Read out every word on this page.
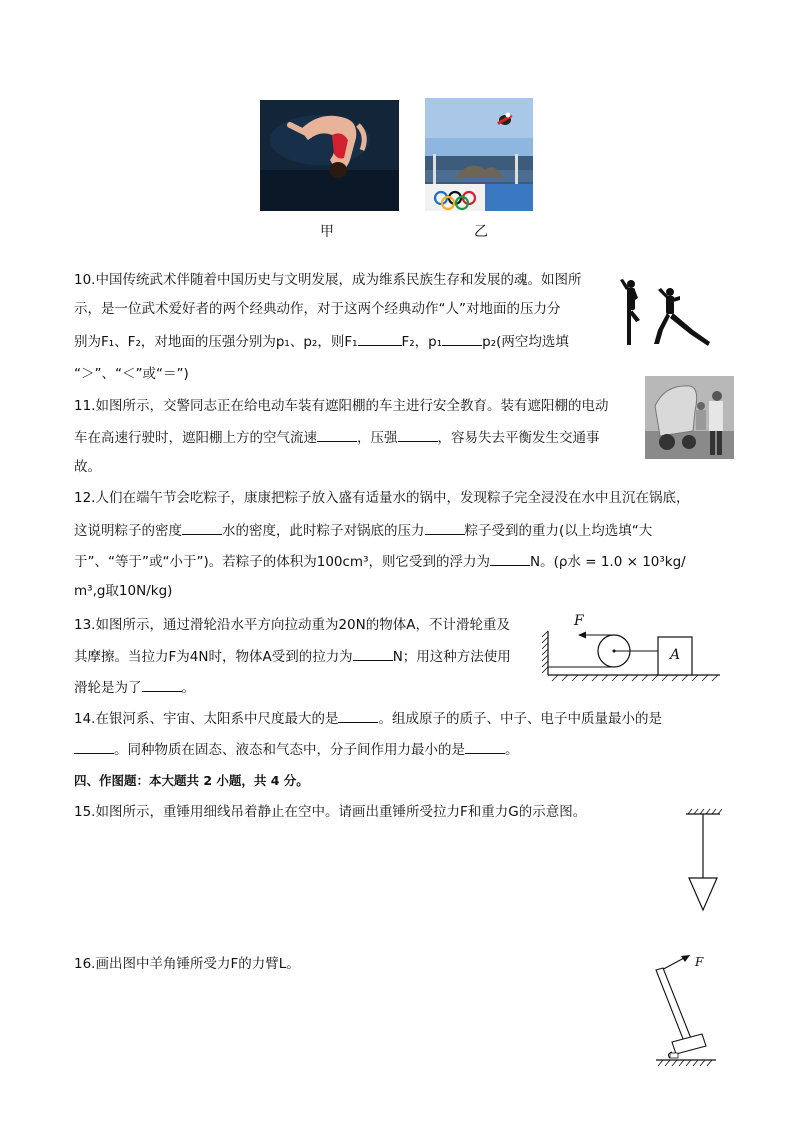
甲	乙
10.中国传统武术伴随着中国历史与文明发展，成为维系民族生存和发展的魂。如图所
示，是一位武术爱好者的两个经典动作，对于这两个经典动作“人”对地面的压力分
别为F₁、F₂，对地面的压强分别为p₁、p₂，则F₁	F₂，p₁	p₂(两空均选填
“＞”、“＜”或“＝”)
11.如图所示，交警同志正在给电动车装有遮阳棚的车主进行安全教育。装有遮阳棚的电动
车在高速行驶时，遮阳棚上方的空气流速	，压强	，容易失去平衡发生交通事
故。
12.人们在端午节会吃粽子，康康把粽子放入盛有适量水的锅中，发现粽子完全浸没在水中且沉在锅底，
这说明粽子的密度	水的密度，此时粽子对锅底的压力	粽子受到的重力(以上均选填“大
于”、“等于”或“小于”)。若粽子的体积为100cm³，则它受到的浮力为	N。(ρ水 = 1.0 × 10³kg/
m³,g取10N/kg)
13.如图所示，通过滑轮沿水平方向拉动重为20N的物体A，不计滑轮重及
其摩擦。当拉力F为4N时，物体A受到的拉力为	N；用这种方法使用
滑轮是为了	。
F
A
14.在银河系、宇宙、太阳系中尺度最大的是	。组成原子的质子、中子、电子中质量最小的是
。同种物质在固态、液态和气态中，分子间作用力最小的是	。
四、作图题：本大题共 2 小题，共 4 分。
15.如图所示，重锤用细线吊着静止在空中。请画出重锤所受拉力F和重力G的示意图。
16.画出图中羊角锤所受力F的力臂L。	F
